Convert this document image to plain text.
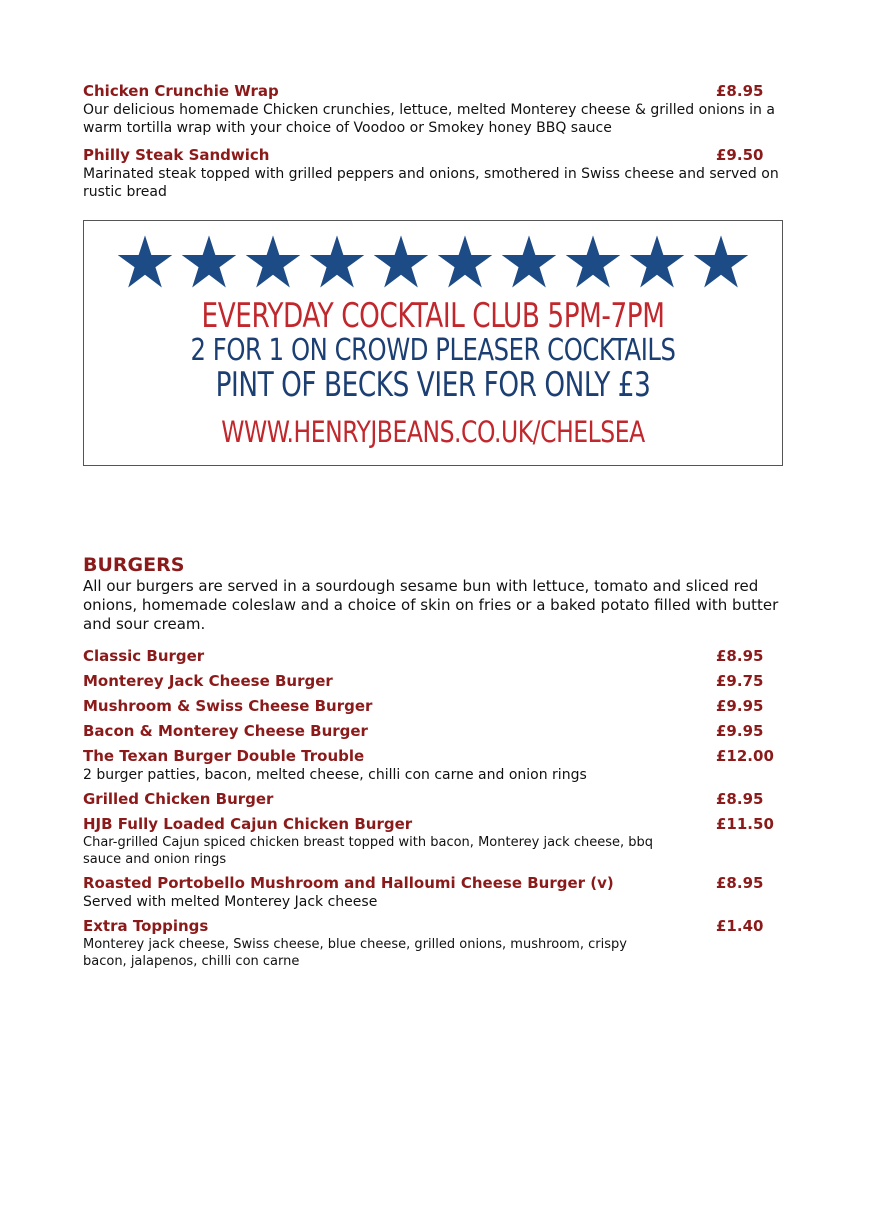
Chicken Crunchie Wrap	£8.95
Our delicious homemade Chicken crunchies, lettuce, melted Monterey cheese & grilled onions in a warm tortilla wrap with your choice of Voodoo or Smokey honey BBQ sauce
Philly Steak Sandwich	£9.50
Marinated steak topped with grilled peppers and onions, smothered in Swiss cheese and served on rustic bread
EVERYDAY COCKTAIL CLUB 5PM-7PM
2 FOR 1 ON CROWD PLEASER COCKTAILS
PINT OF BECKS VIER FOR ONLY £3
WWW.HENRYJBEANS.CO.UK/CHELSEA
BURGERS

All our burgers are served in a sourdough sesame bun with lettuce, tomato and sliced red onions, homemade coleslaw and a choice of skin on fries or a baked potato filled with butter and sour cream.

Classic Burger	£8.95
Monterey Jack Cheese Burger	£9.75
Mushroom & Swiss Cheese Burger	£9.95
Bacon & Monterey Cheese Burger	£9.95
The Texan Burger Double Trouble	£12.00
2 burger patties, bacon, melted cheese, chilli con carne and onion rings
Grilled Chicken Burger	£8.95
HJB Fully Loaded Cajun Chicken Burger	£11.50
Char-grilled Cajun spiced chicken breast topped with bacon, Monterey jack cheese, bbq sauce and onion rings
Roasted Portobello Mushroom and Halloumi Cheese Burger (v)	£8.95
Served with melted Monterey Jack cheese
Extra Toppings	£1.40
Monterey jack cheese, Swiss cheese, blue cheese, grilled onions, mushroom, crispy bacon, jalapenos, chilli con carne
